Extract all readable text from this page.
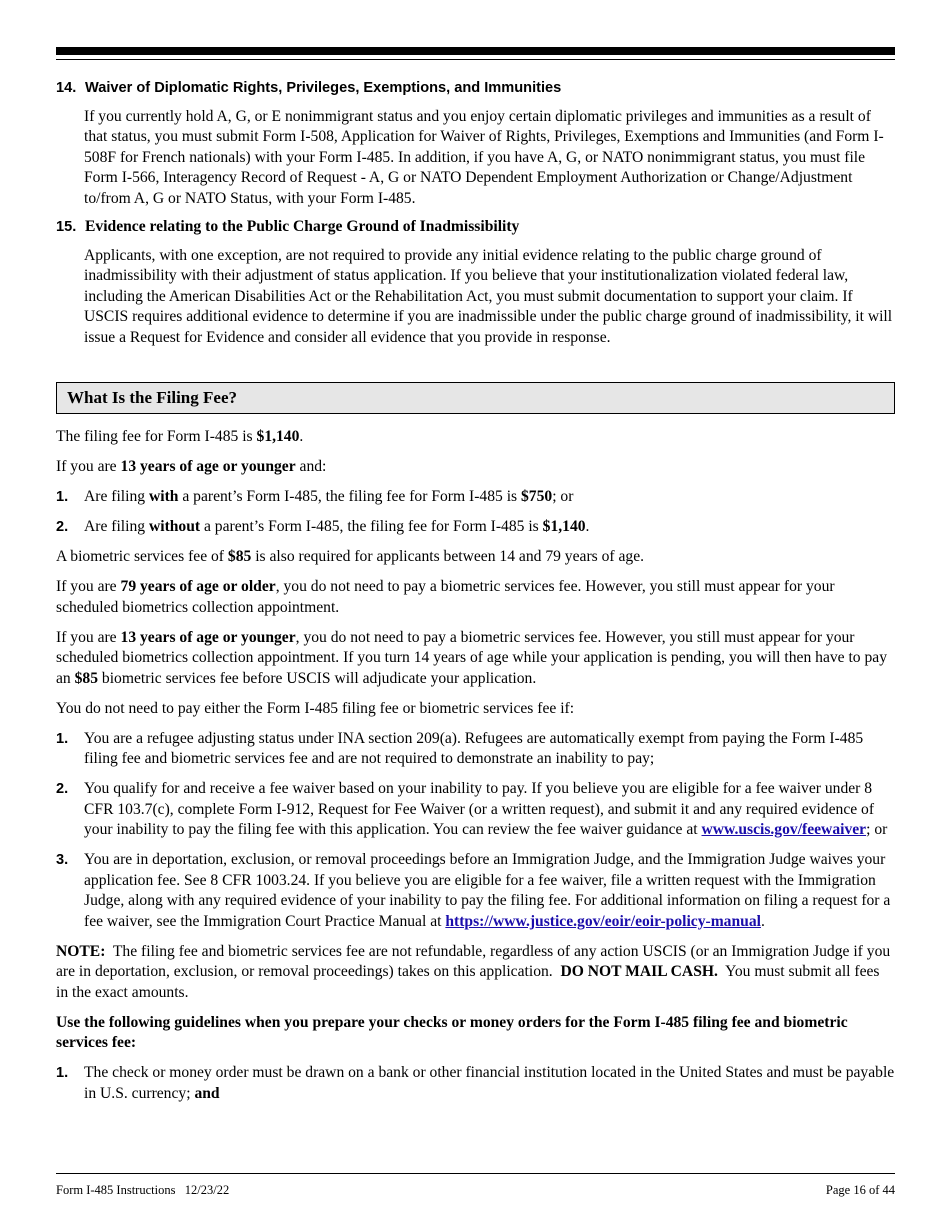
14. Waiver of Diplomatic Rights, Privileges, Exemptions, and Immunities

If you currently hold A, G, or E nonimmigrant status and you enjoy certain diplomatic privileges and immunities as a result of that status, you must submit Form I-508, Application for Waiver of Rights, Privileges, Exemptions and Immunities (and Form I-508F for French nationals) with your Form I-485. In addition, if you have A, G, or NATO nonimmigrant status, you must file Form I-566, Interagency Record of Request - A, G or NATO Dependent Employment Authorization or Change/Adjustment to/from A, G or NATO Status, with your Form I-485.

15. Evidence relating to the Public Charge Ground of Inadmissibility

Applicants, with one exception, are not required to provide any initial evidence relating to the public charge ground of inadmissibility with their adjustment of status application. If you believe that your institutionalization violated federal law, including the American Disabilities Act or the Rehabilitation Act, you must submit documentation to support your claim. If USCIS requires additional evidence to determine if you are inadmissible under the public charge ground of inadmissibility, it will issue a Request for Evidence and consider all evidence that you provide in response.

What Is the Filing Fee?

The filing fee for Form I-485 is $1,140.

If you are 13 years of age or younger and:

1.	Are filing with a parent’s Form I-485, the filing fee for Form I-485 is $750; or
2.	Are filing without a parent’s Form I-485, the filing fee for Form I-485 is $1,140.

A biometric services fee of $85 is also required for applicants between 14 and 79 years of age.

If you are 79 years of age or older, you do not need to pay a biometric services fee. However, you still must appear for your scheduled biometrics collection appointment.

If you are 13 years of age or younger, you do not need to pay a biometric services fee. However, you still must appear for your scheduled biometrics collection appointment. If you turn 14 years of age while your application is pending, you will then have to pay an $85 biometric services fee before USCIS will adjudicate your application.

You do not need to pay either the Form I-485 filing fee or biometric services fee if:

1.	You are a refugee adjusting status under INA section 209(a). Refugees are automatically exempt from paying the Form I-485 filing fee and biometric services fee and are not required to demonstrate an inability to pay;
2.	You qualify for and receive a fee waiver based on your inability to pay. If you believe you are eligible for a fee waiver under 8 CFR 103.7(c), complete Form I-912, Request for Fee Waiver (or a written request), and submit it and any required evidence of your inability to pay the filing fee with this application. You can review the fee waiver guidance at www.uscis.gov/feewaiver; or
3.	You are in deportation, exclusion, or removal proceedings before an Immigration Judge, and the Immigration Judge waives your application fee. See 8 CFR 1003.24. If you believe you are eligible for a fee waiver, file a written request with the Immigration Judge, along with any required evidence of your inability to pay the filing fee. For additional information on filing a request for a fee waiver, see the Immigration Court Practice Manual at https://www.justice.gov/eoir/eoir-policy-manual.

NOTE:  The filing fee and biometric services fee are not refundable, regardless of any action USCIS (or an Immigration Judge if you are in deportation, exclusion, or removal proceedings) takes on this application.  DO NOT MAIL CASH.  You must submit all fees in the exact amounts.

Use the following guidelines when you prepare your checks or money orders for the Form I-485 filing fee and biometric services fee:

1.	The check or money order must be drawn on a bank or other financial institution located in the United States and must be payable in U.S. currency; and
Form I-485 Instructions   12/23/22	Page 16 of 44
